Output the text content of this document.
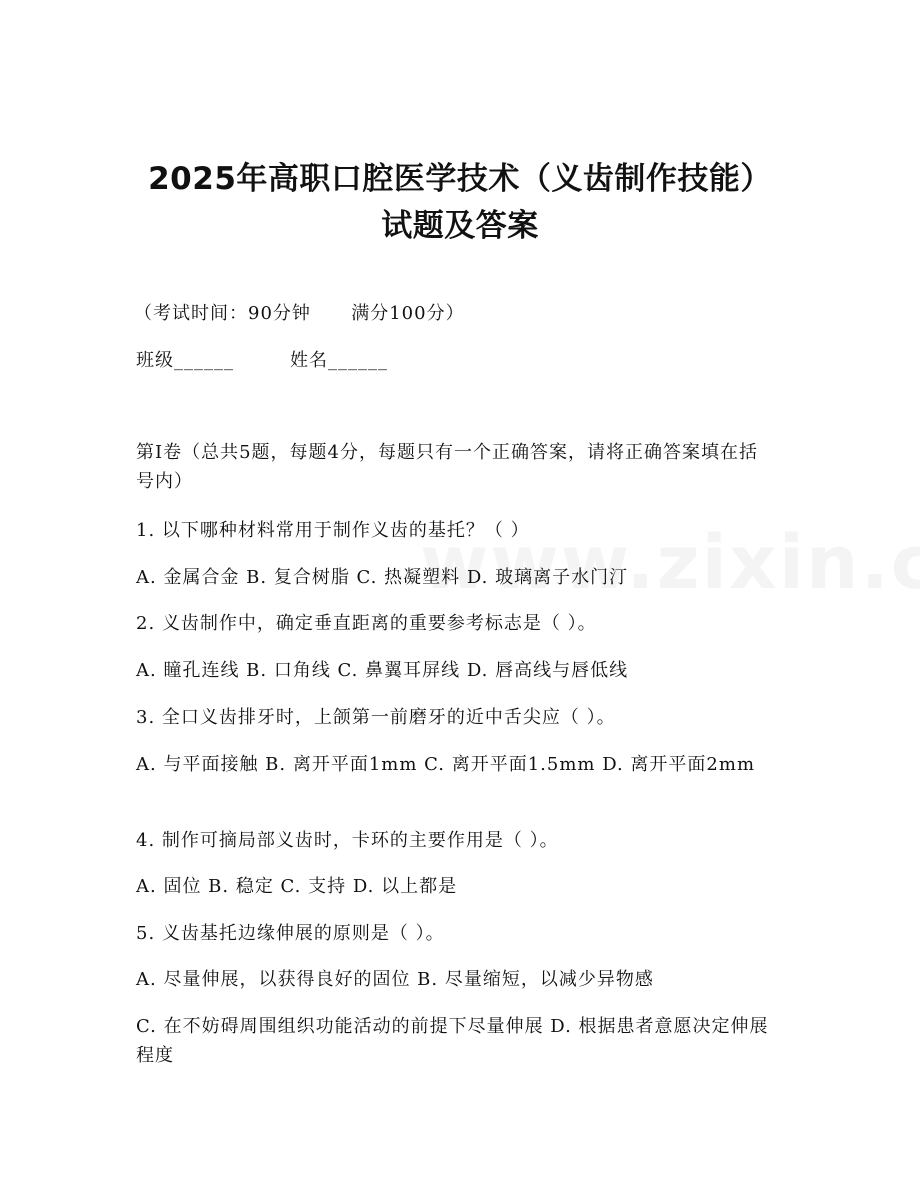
2025年高职口腔医学技术（义齿制作技能）
试题及答案
（考试时间：90分钟      满分100分）
班级______	姓名______
第I卷（总共5题，每题4分，每题只有一个正确答案，请将正确答案填在括号内）
1. 以下哪种材料常用于制作义齿的基托？（ ）
A. 金属合金 B. 复合树脂 C. 热凝塑料 D. 玻璃离子水门汀
2. 义齿制作中，确定垂直距离的重要参考标志是（ ）。
A. 瞳孔连线 B. 口角线 C. 鼻翼耳屏线 D. 唇高线与唇低线
3. 全口义齿排牙时，上颌第一前磨牙的近中舌尖应（ ）。
A. 与平面接触 B. 离开平面1mm C. 离开平面1.5mm D. 离开平面2mm
4. 制作可摘局部义齿时，卡环的主要作用是（ ）。
A. 固位 B. 稳定 C. 支持 D. 以上都是
5. 义齿基托边缘伸展的原则是（ ）。
A. 尽量伸展，以获得良好的固位 B. 尽量缩短，以减少异物感
C. 在不妨碍周围组织功能活动的前提下尽量伸展 D. 根据患者意愿决定伸展程度
